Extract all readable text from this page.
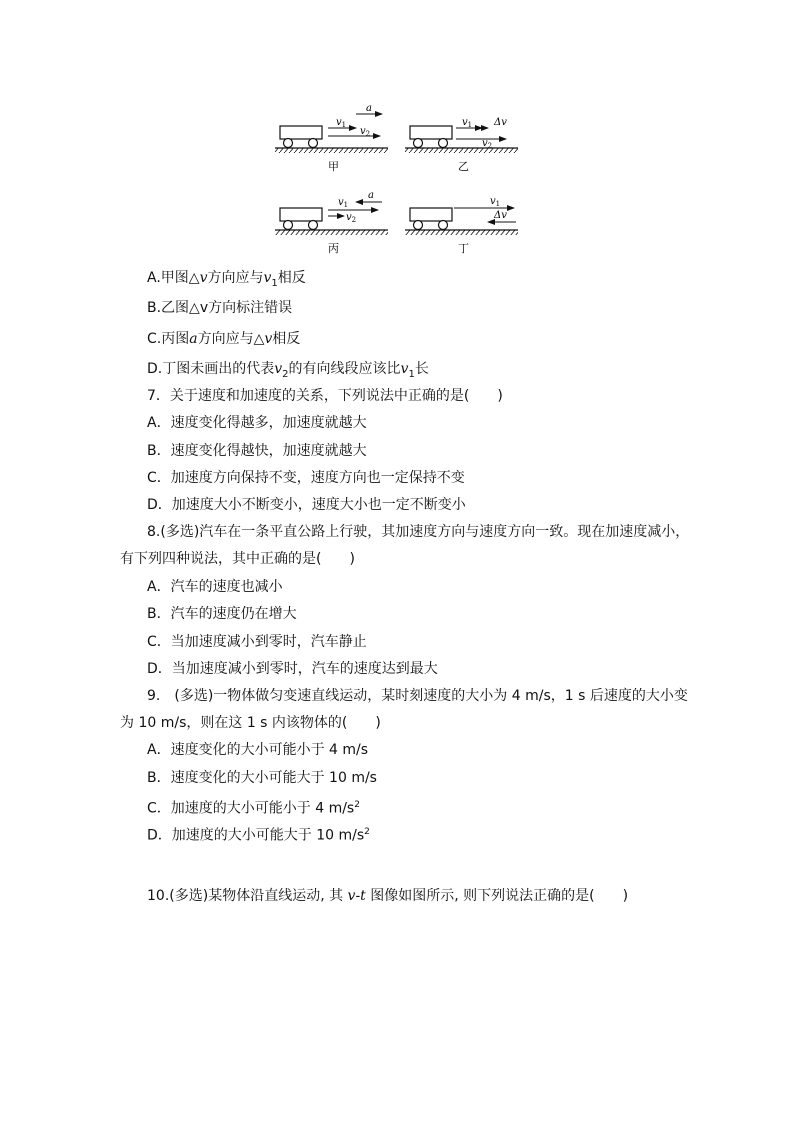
$v_1$
$v_2$
a
甲
$v_1$ Δv
$v_2$
乙
$v_1$
$v_2$
a
丙
$v_1$
Δv
丁
A.甲图△v方向应与$v_1$相反
B.乙图△v方向标注错误
C.丙图a方向应与△v相反
D.丁图未画出的代表$v_2$的有向线段应该比$v_1$长
7．关于速度和加速度的关系，下列说法中正确的是(　　)
A．速度变化得越多，加速度就越大
B．速度变化得越快，加速度就越大
C．加速度方向保持不变，速度方向也一定保持不变
D．加速度大小不断变小，速度大小也一定不断变小
8.(多选)汽车在一条平直公路上行驶，其加速度方向与速度方向一致。现在加速度减小，
有下列四种说法，其中正确的是(　　)
A．汽车的速度也减小
B．汽车的速度仍在增大
C．当加速度减小到零时，汽车静止
D．当加速度减小到零时，汽车的速度达到最大
9.　(多选)一物体做匀变速直线运动，某时刻速度的大小为 4 m/s，1 s 后速度的大小变
为 10 m/s，则在这 1 s 内该物体的(　　)
A．速度变化的大小可能小于 4 m/s
B．速度变化的大小可能大于 10 m/s
C．加速度的大小可能小于 4 $m/s^2$
D．加速度的大小可能大于 10 $m/s^2$
10.(多选)某物体沿直线运动, 其 v-t 图像如图所示, 则下列说法正确的是(　　)
